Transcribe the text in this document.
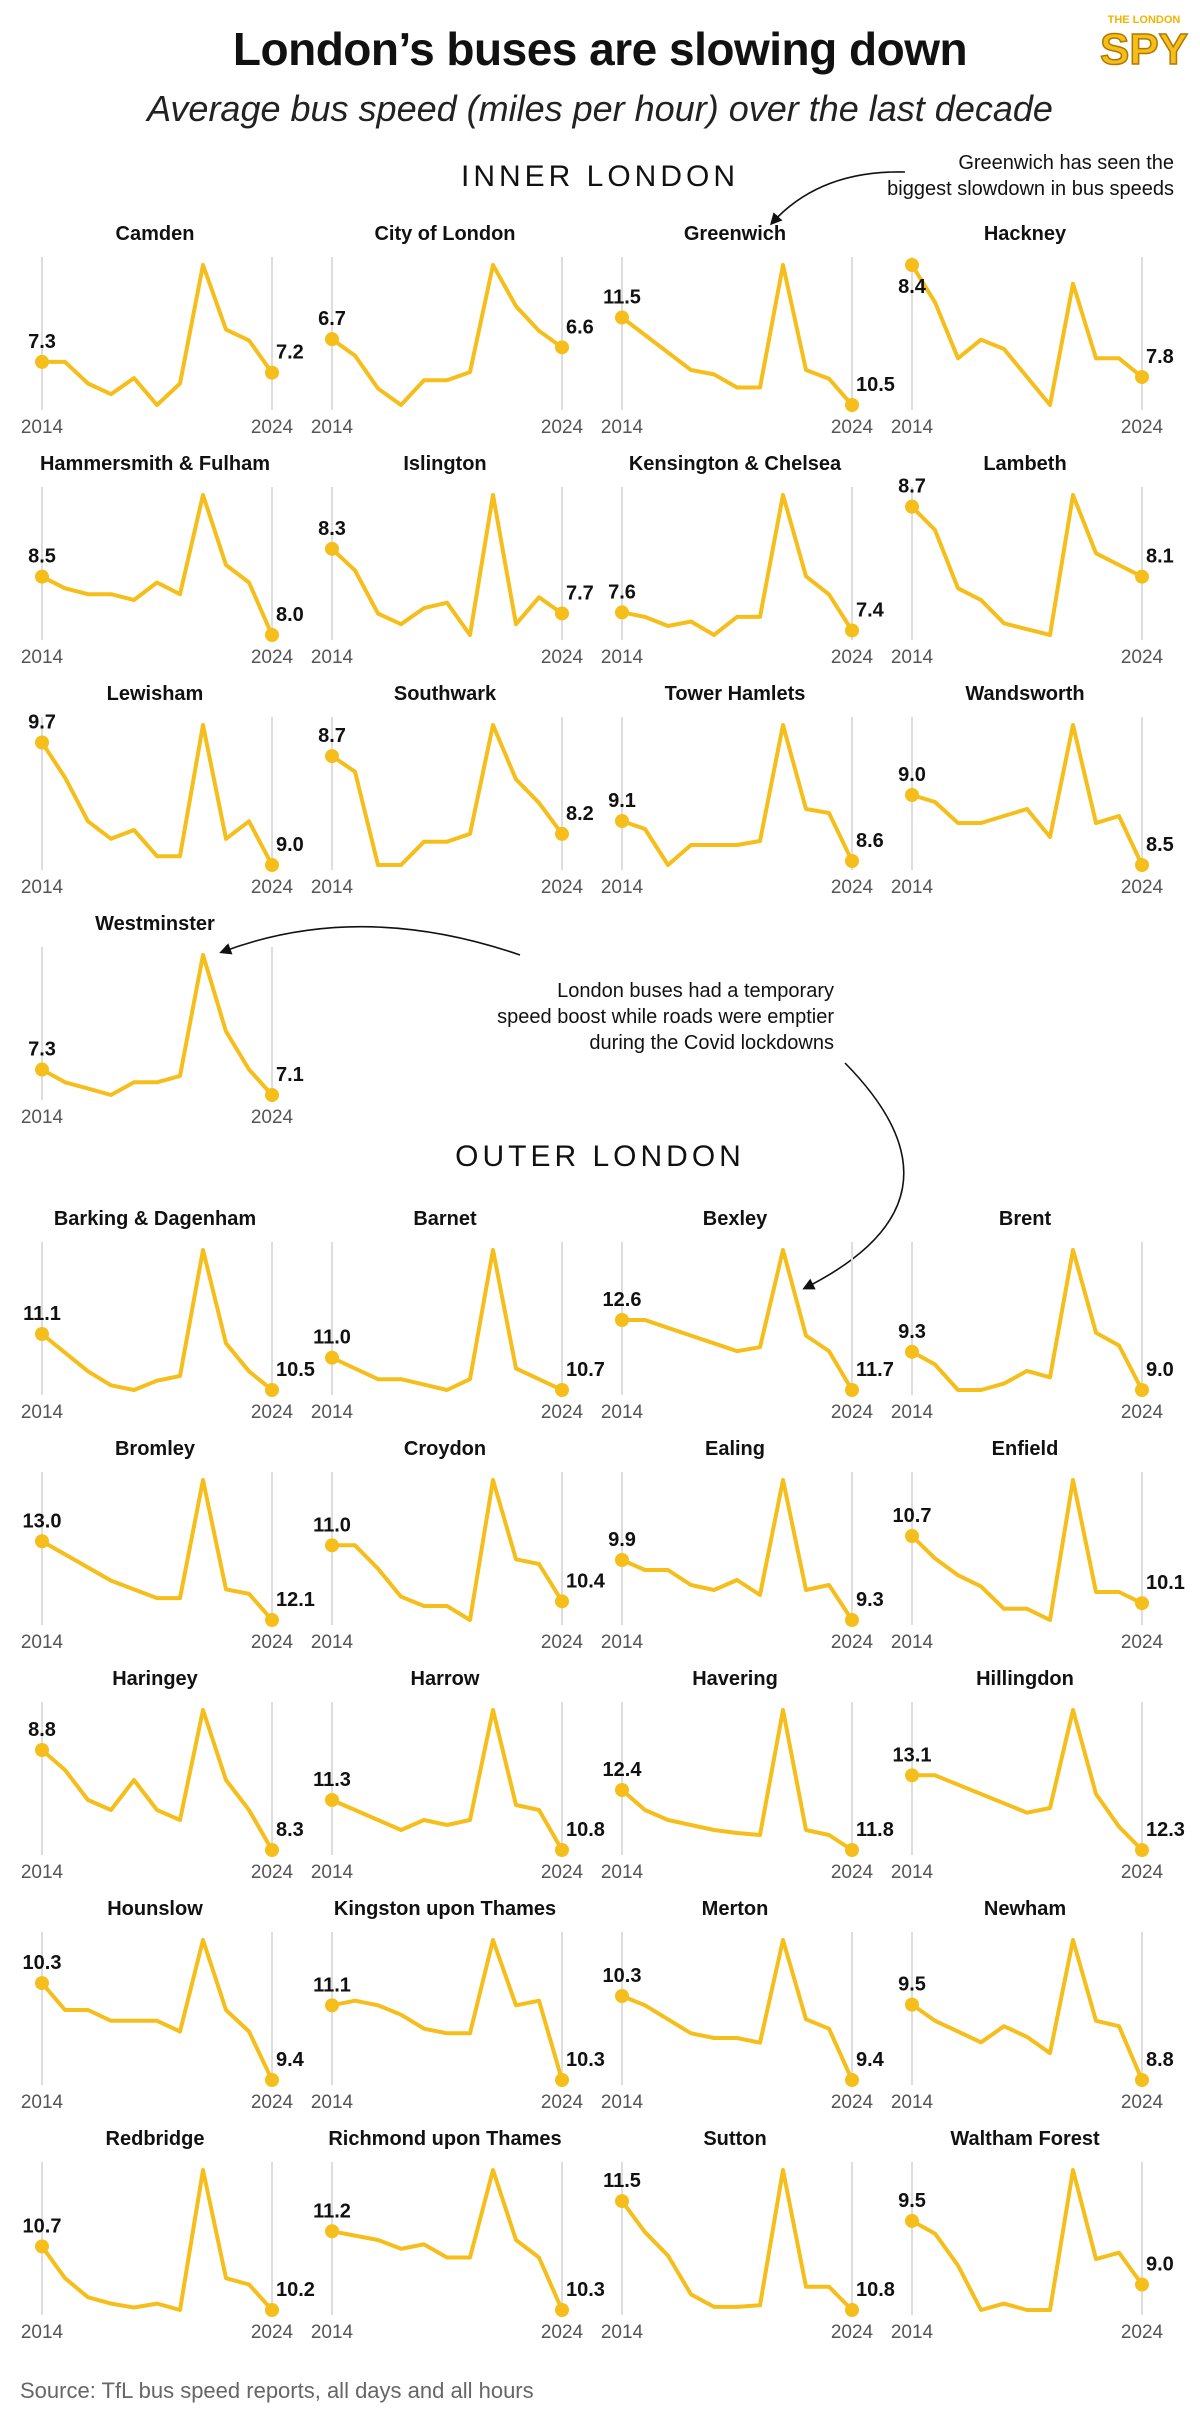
London’s buses are slowing down
Average bus speed (miles per hour) over the last decade
THE LONDON
SPY
INNER LONDON
OUTER LONDON
Greenwich has seen the
biggest slowdown in bus speeds
London buses had a temporary
speed boost while roads were emptier
during the Covid lockdowns
Source: TfL bus speed reports, all days and all hours
Camden
7.3	7.2
2014	2024
City of London
6.7	6.6
2014	2024
Greenwich
11.5
10.5
2014	2024
Hackney
8.4
7.8
2014	2024
Hammersmith & Fulham
8.5
8.0
2014	2024
Islington
8.3
7.7
2014	2024
Kensington & Chelsea
7.6
7.4
2014	2024
Lambeth
8.7
8.1
2014	2024
Lewisham
9.7
9.0
2014	2024
Southwark
8.7
8.2
2014	2024
Tower Hamlets
9.1
8.6
2014	2024
Wandsworth
9.0
8.5
2014	2024
Westminster
7.3
7.1
2014	2024
Barking & Dagenham
11.1
10.5
2014	2024
Barnet
11.0
10.7
2014	2024
Bexley
12.6
11.7
2014	2024
Brent
9.3
9.0
2014	2024
Bromley
13.0
12.1
2014	2024
Croydon
11.0
10.4
2014	2024
Ealing
9.9
9.3
2014	2024
Enfield
10.7
10.1
2014	2024
Haringey
8.8
8.3
2014	2024
Harrow
11.3
10.8
2014	2024
Havering
12.4
11.8
2014	2024
Hillingdon
13.1
12.3
2014	2024
Hounslow
10.3
9.4
2014	2024
Kingston upon Thames
11.1
10.3
2014	2024
Merton
10.3
9.4
2014	2024
Newham
9.5
8.8
2014	2024
Redbridge
10.7
10.2
2014	2024
Richmond upon Thames
11.2
10.3
2014	2024
Sutton
11.5
10.8
2014	2024
Waltham Forest
9.5
9.0
2014	2024
